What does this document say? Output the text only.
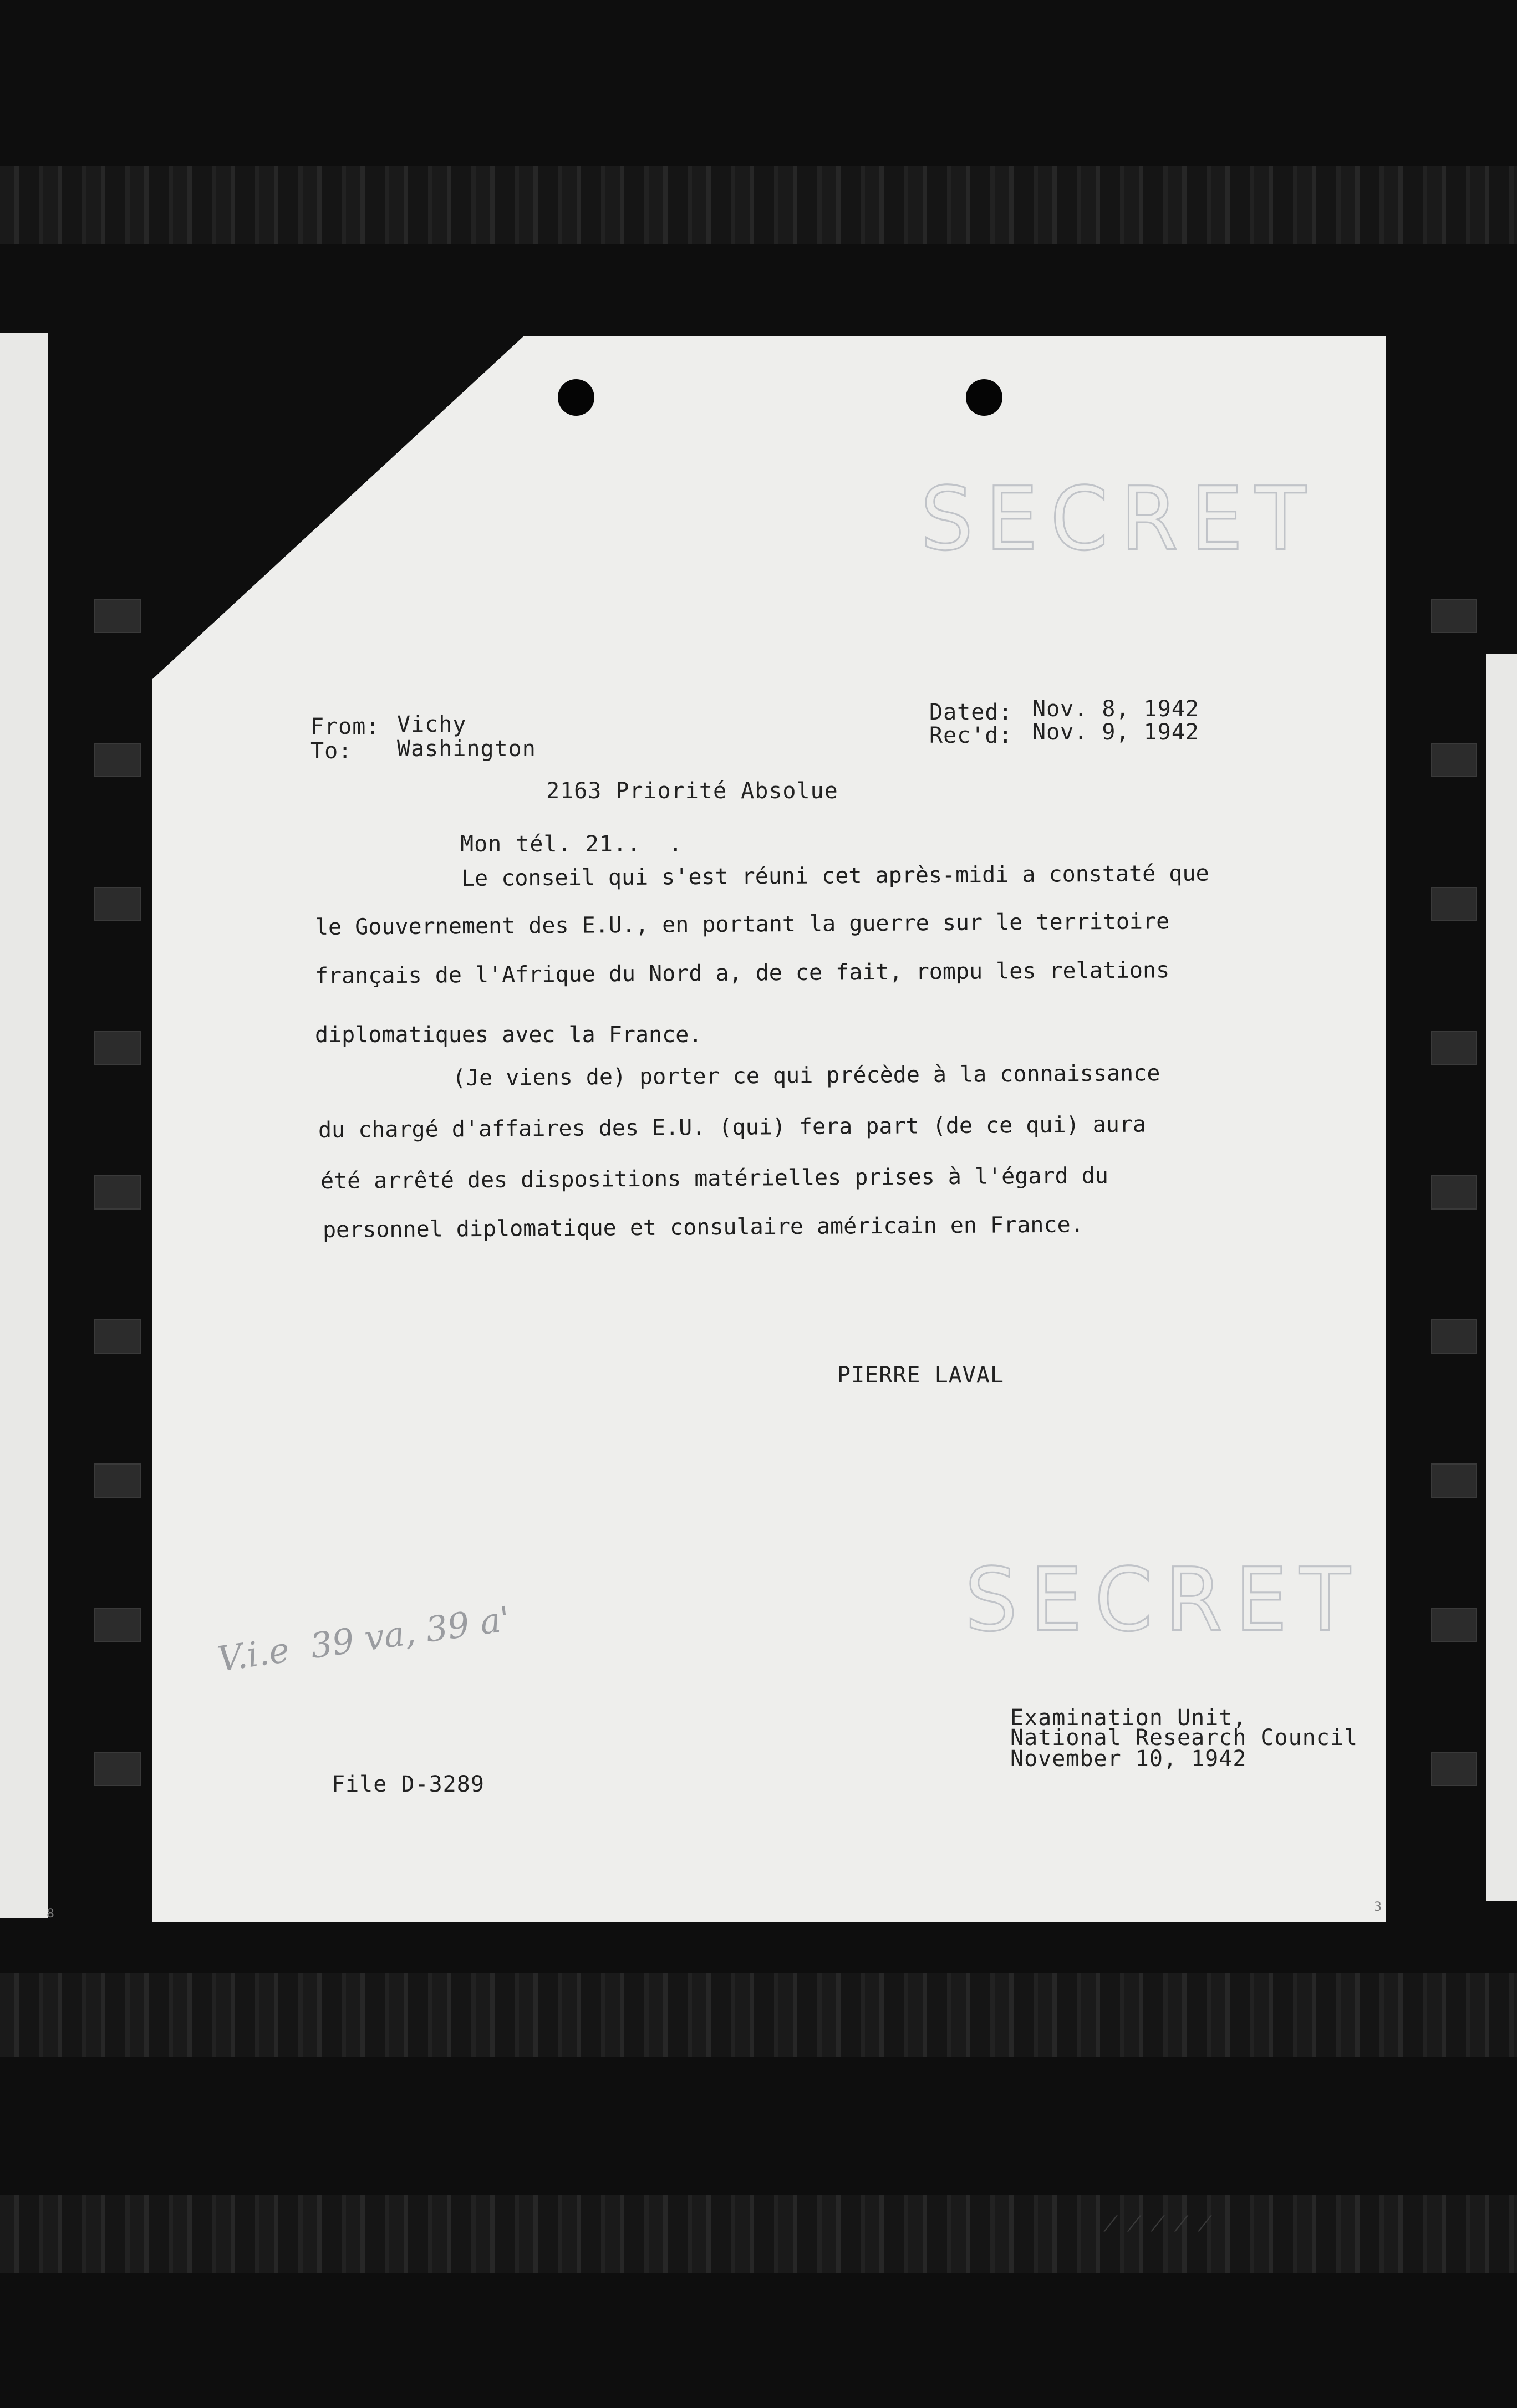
SECRET
SECRET
From: Vichy
To: Washington
Dated: Nov. 8, 1942
Rec'd: Nov. 9, 1942
2163 Priorité Absolue
Mon tél. 21..  .
Le conseil qui s'est réuni cet après-midi a constaté que
le Gouvernement des E.U., en portant la guerre sur le territoire
français de l'Afrique du Nord a, de ce fait, rompu les relations
diplomatiques avec la France.
(Je viens de) porter ce qui précède à la connaissance
du chargé d'affaires des E.U. (qui) fera part (de ce qui) aura
été arrêté des dispositions matérielles prises à l'égard du
personnel diplomatique et consulaire américain en France.
PIERRE LAVAL
V.i.e  39 va, 39 a'
File D-3289
Examination Unit,
National Research Council
November 10, 1942
8	3
⁄ ⁄ ⁄ ⁄ ⁄
